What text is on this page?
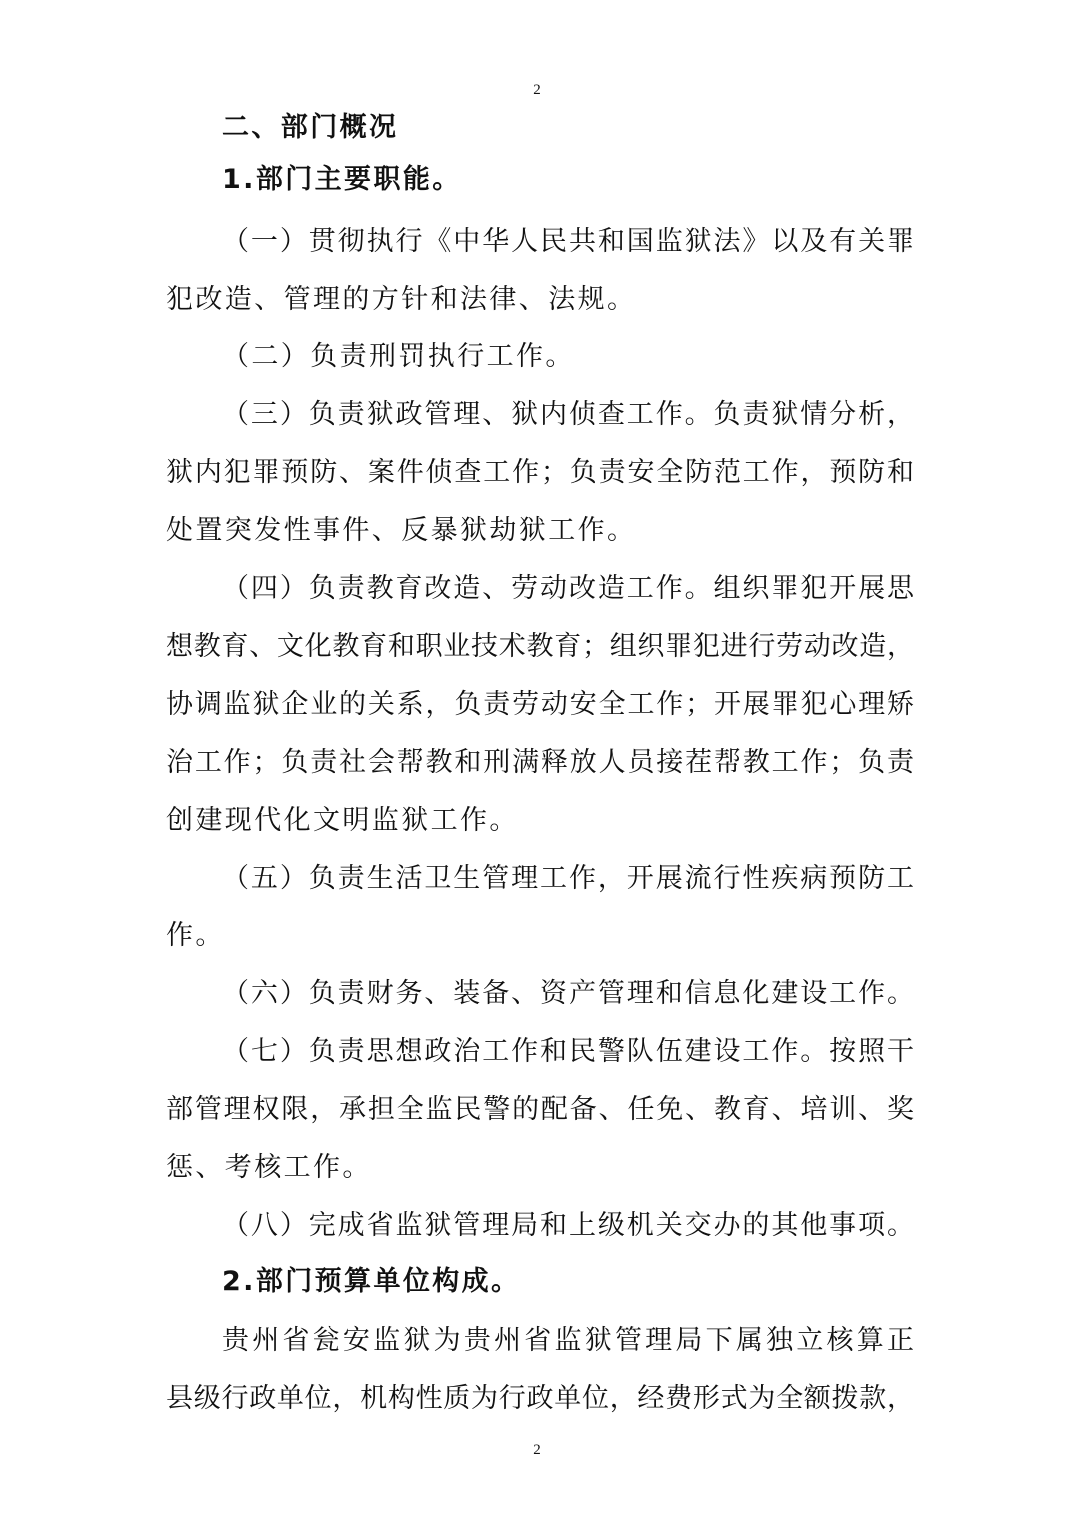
2
二、部门概况
1.部门主要职能。
（一）贯彻执行《中华人民共和国监狱法》以及有关罪
犯改造、管理的方针和法律、法规。
（二）负责刑罚执行工作。
（三）负责狱政管理、狱内侦查工作。负责狱情分析，
狱内犯罪预防、案件侦查工作；负责安全防范工作，预防和
处置突发性事件、反暴狱劫狱工作。
（四）负责教育改造、劳动改造工作。组织罪犯开展思
想教育、文化教育和职业技术教育；组织罪犯进行劳动改造，
协调监狱企业的关系，负责劳动安全工作；开展罪犯心理矫
治工作；负责社会帮教和刑满释放人员接茬帮教工作；负责
创建现代化文明监狱工作。
（五）负责生活卫生管理工作，开展流行性疾病预防工
作。
（六）负责财务、装备、资产管理和信息化建设工作。
（七）负责思想政治工作和民警队伍建设工作。按照干
部管理权限，承担全监民警的配备、任免、教育、培训、奖
惩、考核工作。
（八）完成省监狱管理局和上级机关交办的其他事项。
2.部门预算单位构成。
贵州省瓮安监狱为贵州省监狱管理局下属独立核算正
县级行政单位，机构性质为行政单位，经费形式为全额拨款，
2
